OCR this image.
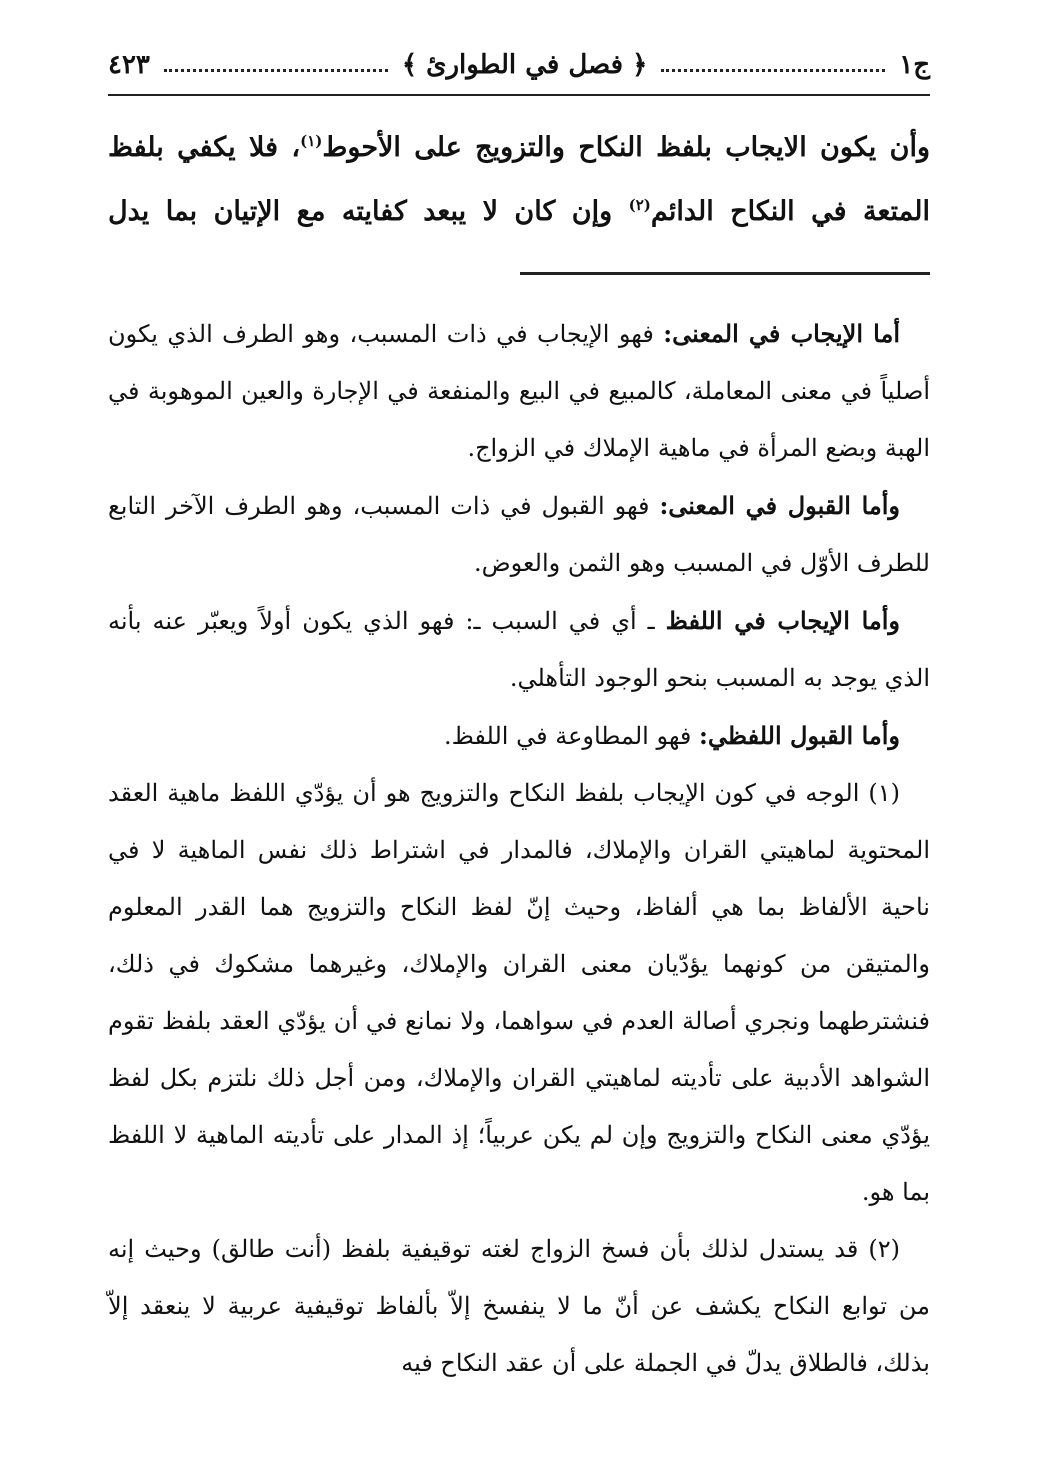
ج١
﴿ فصل في الطوارئ ﴾
٤٢٣

وأن يكون الايجاب بلفظ النكاح والتزويج على الأحوط$^{(١)}$، فلا يكفي بلفظ المتعة في النكاح الدائم$^{(٢)}$ وإن كان لا يبعد كفايته مع الإتيان بما يدل

أما الإيجاب في المعنى: فهو الإيجاب في ذات المسبب، وهو الطرف الذي يكون أصلياً في معنى المعاملة، كالمبيع في البيع والمنفعة في الإجارة والعين الموهوبة في الهبة وبضع المرأة في ماهية الإملاك في الزواج.

وأما القبول في المعنى: فهو القبول في ذات المسبب، وهو الطرف الآخر التابع للطرف الأوّل في المسبب وهو الثمن والعوض.

وأما الإيجاب في اللفظ ـ أي في السبب ـ: فهو الذي يكون أولاً ويعبّر عنه بأنه الذي يوجد به المسبب بنحو الوجود التأهلي.

وأما القبول اللفظي: فهو المطاوعة في اللفظ.

(١) الوجه في كون الإيجاب بلفظ النكاح والتزويج هو أن يؤدّي اللفظ ماهية العقد المحتوية لماهيتي القران والإملاك، فالمدار في اشتراط ذلك نفس الماهية لا في ناحية الألفاظ بما هي ألفاظ، وحيث إنّ لفظ النكاح والتزويج هما القدر المعلوم والمتيقن من كونهما يؤدّيان معنى القران والإملاك، وغيرهما مشكوك في ذلك، فنشترطهما ونجري أصالة العدم في سواهما، ولا نمانع في أن يؤدّي العقد بلفظ تقوم الشواهد الأدبية على تأديته لماهيتي القران والإملاك، ومن أجل ذلك نلتزم بكل لفظ يؤدّي معنى النكاح والتزويج وإن لم يكن عربياً؛ إذ المدار على تأديته الماهية لا اللفظ بما هو.

(٢) قد يستدل لذلك بأن فسخ الزواج لغته توقيفية بلفظ (أنت طالق) وحيث إنه من توابع النكاح يكشف عن أنّ ما لا ينفسخ إلاّ بألفاظ توقيفية عربية لا ينعقد إلاّ بذلك، فالطلاق يدلّ في الجملة على أن عقد النكاح فيه
